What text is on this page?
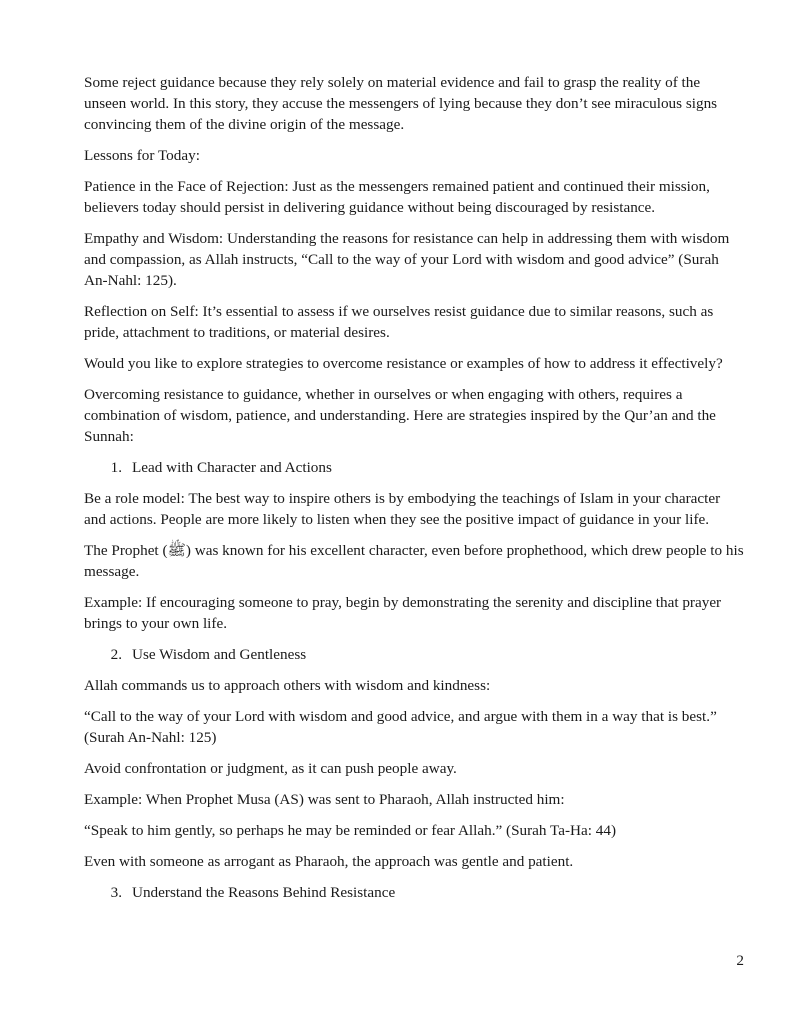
Some reject guidance because they rely solely on material evidence and fail to grasp the reality of the unseen world. In this story, they accuse the messengers of lying because they don’t see miraculous signs convincing them of the divine origin of the message.

Lessons for Today:

Patience in the Face of Rejection: Just as the messengers remained patient and continued their mission, believers today should persist in delivering guidance without being discouraged by resistance.

Empathy and Wisdom: Understanding the reasons for resistance can help in addressing them with wisdom and compassion, as Allah instructs, “Call to the way of your Lord with wisdom and good advice” (Surah An-Nahl: 125).

Reflection on Self: It’s essential to assess if we ourselves resist guidance due to similar reasons, such as pride, attachment to traditions, or material desires.

Would you like to explore strategies to overcome resistance or examples of how to address it effectively?

Overcoming resistance to guidance, whether in ourselves or when engaging with others, requires a combination of wisdom, patience, and understanding. Here are strategies inspired by the Qur’an and the Sunnah:

1. Lead with Character and Actions

Be a role model: The best way to inspire others is by embodying the teachings of Islam in your character and actions. People are more likely to listen when they see the positive impact of guidance in your life.

The Prophet (ﷺ) was known for his excellent character, even before prophethood, which drew people to his message.

Example: If encouraging someone to pray, begin by demonstrating the serenity and discipline that prayer brings to your own life.

2. Use Wisdom and Gentleness

Allah commands us to approach others with wisdom and kindness:

“Call to the way of your Lord with wisdom and good advice, and argue with them in a way that is best.” (Surah An-Nahl: 125)

Avoid confrontation or judgment, as it can push people away.

Example: When Prophet Musa (AS) was sent to Pharaoh, Allah instructed him:

“Speak to him gently, so perhaps he may be reminded or fear Allah.” (Surah Ta-Ha: 44)

Even with someone as arrogant as Pharaoh, the approach was gentle and patient.

3. Understand the Reasons Behind Resistance
2
